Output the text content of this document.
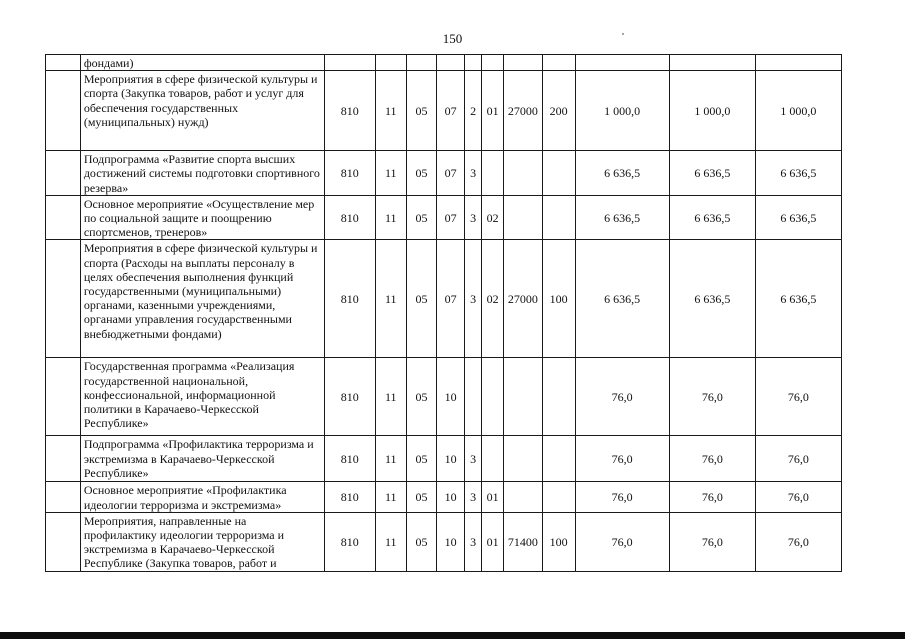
150
	фондами)											
	Мероприятия в сфере физической культуры и спорта (Закупка товаров, работ и услуг для обеспечения государственных (муниципальных) нужд)	810	11	05	07	2	01	27000	200	1 000,0	1 000,0	1 000,0
	Подпрограмма «Развитие спорта высших достижений системы подготовки спортивного резерва»	810	11	05	07	3				6 636,5	6 636,5	6 636,5
	Основное мероприятие «Осуществление мер по социальной защите и поощрению спортсменов, тренеров»	810	11	05	07	3	02			6 636,5	6 636,5	6 636,5
	Мероприятия в сфере физической культуры и спорта (Расходы на выплаты персоналу в целях обеспечения выполнения функций государственными (муниципальными) органами, казенными учреждениями, органами управления государственными внебюджетными фондами)	810	11	05	07	3	02	27000	100	6 636,5	6 636,5	6 636,5
	Государственная программа «Реализация государственной национальной, конфессиональной, информационной политики в Карачаево-Черкесской Республике»	810	11	05	10					76,0	76,0	76,0
	Подпрограмма «Профилактика терроризма и экстремизма в Карачаево-Черкесской Республике»	810	11	05	10	3				76,0	76,0	76,0
	Основное мероприятие «Профилактика идеологии терроризма и экстремизма»	810	11	05	10	3	01			76,0	76,0	76,0
	Мероприятия, направленные на профилактику идеологии терроризма и экстремизма в Карачаево-Черкесской Республике (Закупка товаров, работ и	810	11	05	10	3	01	71400	100	76,0	76,0	76,0
